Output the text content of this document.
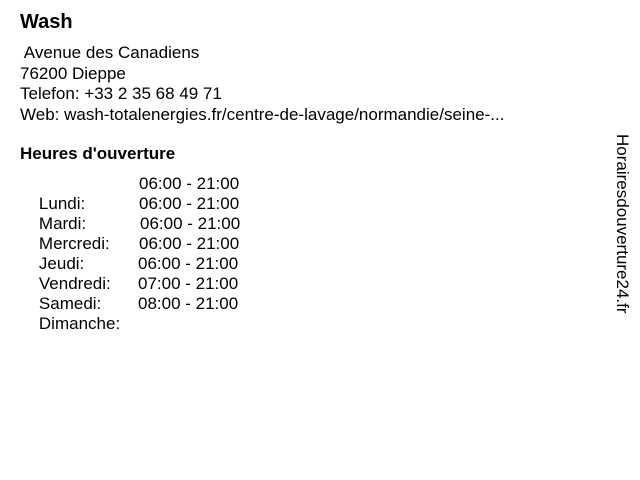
Wash
Avenue des Canadiens
76200 Dieppe
Telefon: +33 2 35 68 49 71
Web: wash-totalenergies.fr/centre-de-lavage/normandie/seine-...
Heures d'ouverture

Lundi:
06:00 - 21:00

Mardi:
06:00 - 21:00

Mercredi:
06:00 - 21:00

Jeudi:
06:00 - 21:00

Vendredi:
06:00 - 21:00

Samedi:
07:00 - 21:00

Dimanche:
08:00 - 21:00

	Horairesdouverture24.fr
